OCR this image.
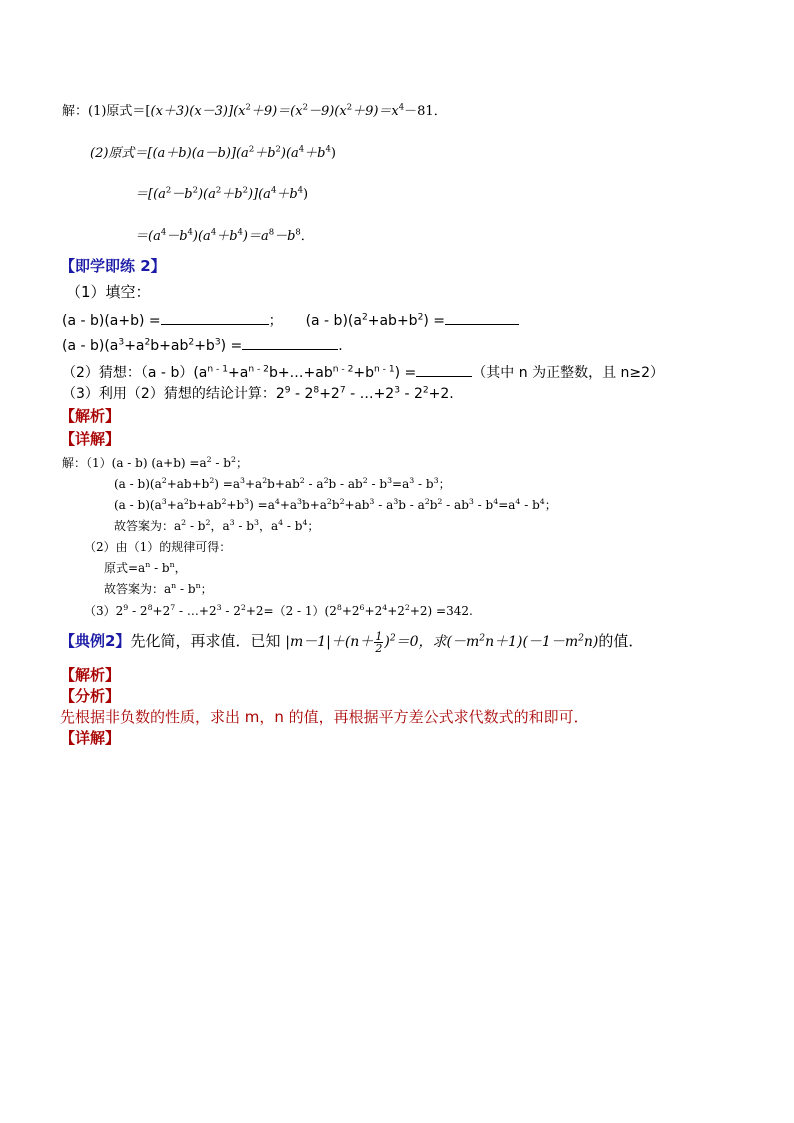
解：(1)原式$=[(x+3)(x-3)](x^2+9)=(x^2-9)(x^2+9)=x^4-81$．
(2)原式$=[(a+b)(a-b)](a^2+b^2)(a^4+b^4)$
$=[(a^2-b^2)(a^2+b^2)](a^4+b^4)$
$=(a^4-b^4)(a^4+b^4)=a^8-b^8$．
【即学即练 2】
（1）填空：
(a - b)(a+b) =	； $(a - b)(a^2+ab+b^2)$ =
$(a - b)(a^3+a^2b+ab^2+b^3)$ =	.
（2）猜想：$(a - b)(a^{n - 1}+a^{n - 2}b+\dots+ab^{n - 2}+b^{n - 1})$ =	（其中 n 为正整数，且 n≥2）
（3）利用（2）猜想的结论计算：$2^9 - 2^8+2^7$ - $\dots+2^3 - 2^2+2$.
【解析】
【详解】
解：（1）(a - b) $(a+b) =a^2 - b^2$；
$(a - b)(a^2+ab+b^2) =a^3+a^2b+ab^2 - a^2b - ab^2 - b^3=a^3 - b^3$；
$(a - b)(a^3+a^2b+ab^2+b^3) =a^4+a^3b+a^2b^2+ab^3 - a^3b - a^2b^2 - ab^3 - b^4=a^4 - b^4$；
故答案为：$a^2 - b^2$，$a^3 - b^3$，$a^4 - b^4$；
（2）由（1）的规律可得：
原式$=a^n - b^n$，
故答案为：$a^n - b^n$；
$(3)2^9 - 2^8+2^7$ - $\dots+2^3 - 2^2+2=(2 - 1)(2^8+2^6+2^4+2^2+2) =342$.
【典例2】先化简，再求值．已知 $|m-1|+(n+ \frac{1}{2} )^2=0$，求$(-m^2n+1)(-1-m^2n)$的值．
【解析】
【分析】
先根据非负数的性质，求出 m，n 的值，再根据平方差公式求代数式的和即可．
【详解】
